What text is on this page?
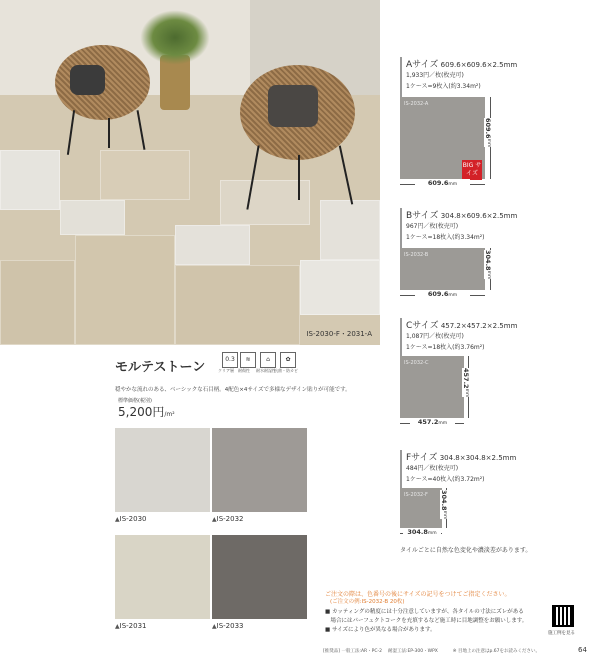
IS-2030-F・2031-A
モルテストーン
0.3
クリア層
≋
耐傷性
⌂
耐水耐湿性
✿
抗菌・防カビ
穏やかな流れのある、ベーシックな石目柄。4配色×4サイズで多様なデザイン貼りが可能です。
標準価格(税別)
5,200円/m²
▲IS-2030	▲IS-2032
▲IS-2031	▲IS-2033
Aサイズ 609.6×609.6×2.5mm
1,933円／枚(枚売可)
1ケース=9枚入(約3.34m²)
IS-2032-A
BIG サイズ
609.6mm
609.6mm
Bサイズ 304.8×609.6×2.5mm
967円／枚(枚売可)
1ケース=18枚入(約3.34m²)
IS-2032-B
609.6mm
304.8mm
Cサイズ 457.2×457.2×2.5mm
1,087円／枚(枚売可)
1ケース=18枚入(約3.76m²)
IS-2032-C
457.2mm
457.2mm
Fサイズ 304.8×304.8×2.5mm
484円／枚(枚売可)
1ケース=40枚入(約3.72m²)
IS-2032-F
304.8mm
304.8mm
タイルごとに自然な色変化や濃淡差があります。
ご注文の際は、色番号の後にサイズの記号をつけてご指定ください。
(ご注文の例:IS-2032-B 20枚)
■ カッティングの精度には十分注意していますが、各タイルの寸法にズレがある
　場合にはパーフェクトコークを充填するなど施工時に目地調整をお願いします。
■ サイズにより色が異なる場合があります。
施工例を見る
[推奨品] 一般工法:AR・PC-2 　耐湿工法:EP-300・WPX 　　　※ 目地上の注意はp.67をお読みください。	64
